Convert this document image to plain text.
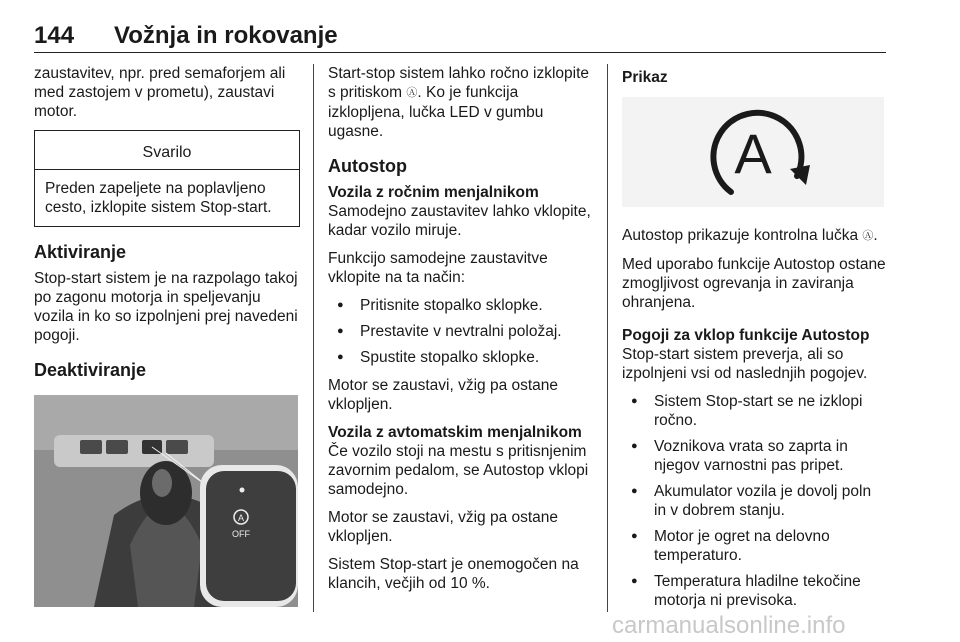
144 Vožnja in rokovanje

zaustavitev, npr. pred semaforjem ali med zastojem v prometu), zaustavi motor.

Svarilo
Preden zapeljete na poplavljeno cesto, izklopite sistem Stop-start.
Aktiviranje

Stop-start sistem je na razpolago takoj po zagonu motorja in speljevanju vozila in ko so izpolnjeni prej navedeni pogoji.

Deaktiviranje
A
OFF

Start-stop sistem lahko ročno izklopite s pritiskom Ⓐ. Ko je funkcija izklopljena, lučka LED v gumbu ugasne.

Autostop
Vozila z ročnim menjalnikom

Samodejno zaustavitev lahko vklopite, kadar vozilo miruje.

Funkcijo samodejne zaustavitve vklopite na ta način:

● Pritisnite stopalko sklopke.
● Prestavite v nevtralni položaj.
● Spustite stopalko sklopke.

Motor se zaustavi, vžig pa ostane vklopljen.

Vozila z avtomatskim menjalnikom

Če vozilo stoji na mestu s pritisnjenim zavornim pedalom, se Autostop vklopi samodejno.

Motor se zaustavi, vžig pa ostane vklopljen.

Sistem Stop-start je onemogočen na klancih, večjih od 10 %.

Prikaz
A

Autostop prikazuje kontrolna lučka Ⓐ.

Med uporabo funkcije Autostop ostane zmogljivost ogrevanja in zaviranja ohranjena.

Pogoji za vklop funkcije Autostop

Stop-start sistem preverja, ali so izpolnjeni vsi od naslednjih pogojev.

● Sistem Stop-start se ne izklopi ročno.
● Voznikova vrata so zaprta in njegov varnostni pas pripet.
● Akumulator vozila je dovolj poln in v dobrem stanju.
● Motor je ogret na delovno temperaturo.
● Temperatura hladilne tekočine motorja ni previsoka.
carmanualsonline.info
